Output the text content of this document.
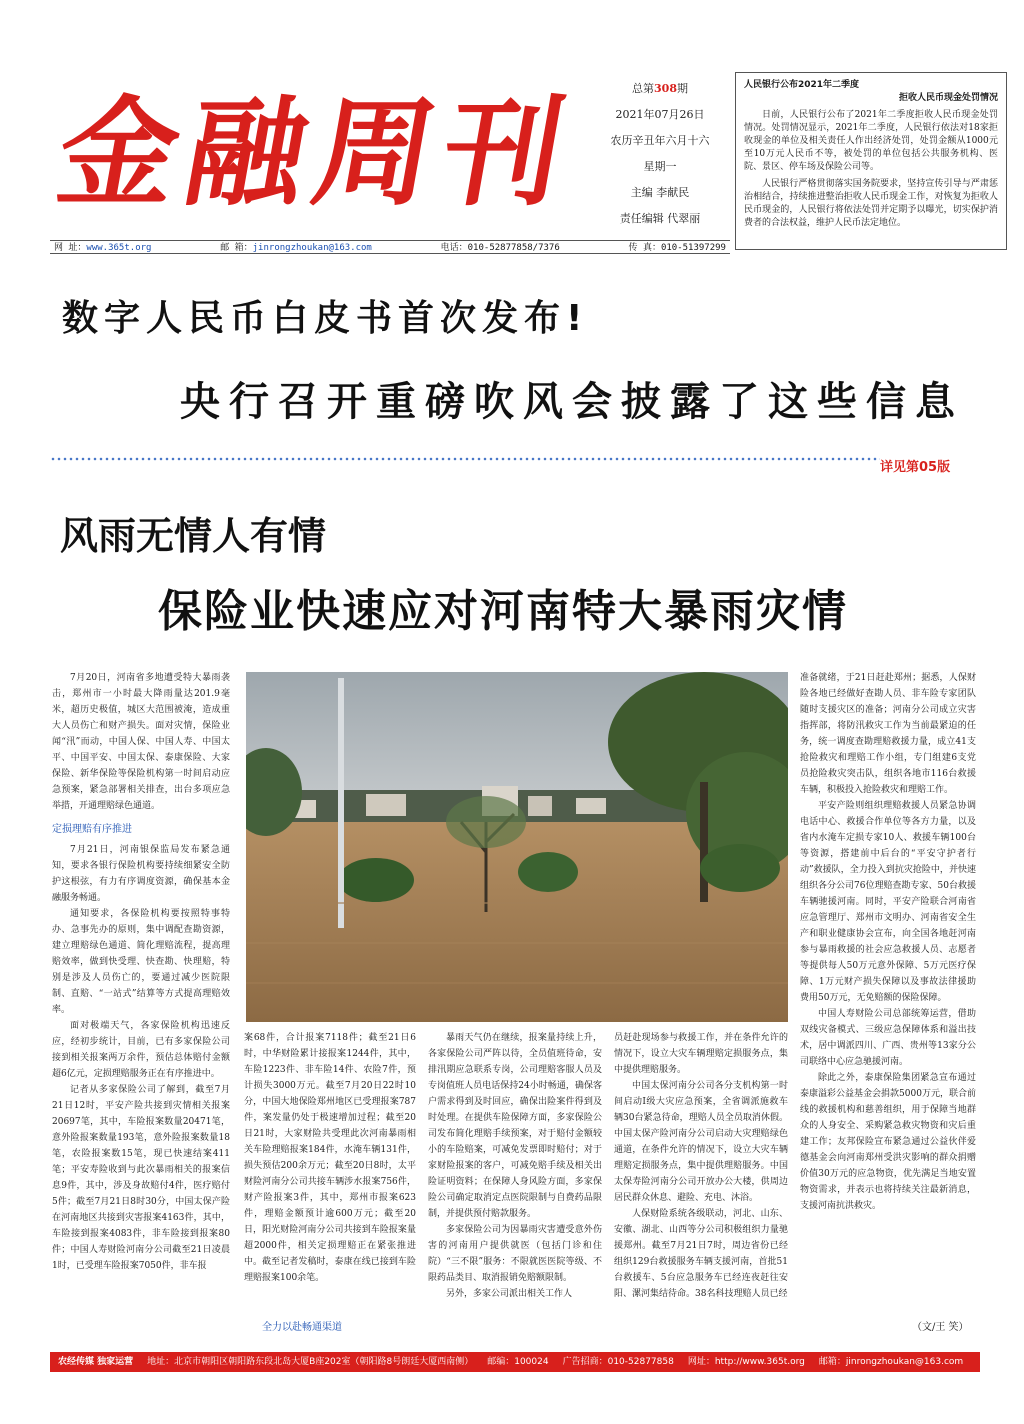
金融周刊	总第308期
2021年07月26日
农历辛丑年六月十六
星期一
主编 李献民
责任编辑 代翠丽
人民银行公布2021年二季度
拒收人民币现金处罚情况

日前，人民银行公布了2021年二季度拒收人民币现金处罚情况。处罚情况显示，2021年二季度，人民银行依法对18家拒收现金的单位及相关责任人作出经济处罚，处罚金额从1000元至10万元人民币不等，被处罚的单位包括公共服务机构、医院、景区、停车场及保险公司等。

人民银行严格贯彻落实国务院要求，坚持宣传引导与严肃惩治相结合，持续推进整治拒收人民币现金工作，对恢复为拒收人民币现金的，人民银行将依法处罚并定期予以曝光，切实保护消费者的合法权益，维护人民币法定地位。

网 址：www.365t.org	邮 箱：jinrongzhoukan@163.com	电话：010-52877858/7376	传 真：010-51397299
数字人民币白皮书首次发布!
央行召开重磅吹风会披露了这些信息
详见第05版
风雨无情人有情
保险业快速应对河南特大暴雨灾情

7月20日，河南省多地遭受特大暴雨袭击，郑州市一小时最大降雨量达201.9毫米，超历史极值，城区大范围被淹，造成重大人员伤亡和财产损失。面对灾情，保险业闻“汛”而动，中国人保、中国人寿、中国太平、中国平安、中国太保、泰康保险、大家保险、新华保险等保险机构第一时间启动应急预案，紧急部署相关排查，出台多项应急举措，开通理赔绿色通道。

定损理赔有序推进

7月21日，河南银保监局发布紧急通知，要求各银行保险机构要持续细紧安全防护这根弦，有力有序调度资源，确保基本金融服务畅通。

通知要求，各保险机构要按照特事特办、急事先办的原则，集中调配查勘资源，建立理赔绿色通道、简化理赔流程，提高理赔效率，做到快受理、快查勘、快理赔，特别是涉及人员伤亡的，要通过减少医院限制、直赔、“一站式”结算等方式提高理赔效率。

面对极端天气，各家保险机构迅速反应，经初步统计，目前，已有多家保险公司接到相关报案两万余件，预估总体赔付金额超6亿元，定损理赔服务正在有序推进中。

记者从多家保险公司了解到，截至7月21日12时，平安产险共接到灾情相关报案20697笔，其中，车险报案数量20471笔，意外险报案数量193笔，意外险报案数量18笔，农险报案数15笔，现已快速结案411笔；平安寿险收到与此次暴雨相关的报案信息9件，其中，涉及身故赔付4件，医疗赔付5件；截至7月21日8时30分，中国太保产险在河南地区共接到灾害报案4163件，其中，车险接到报案4083件，非车险接到报案80件；中国人寿财险河南分公司截至21日凌晨1时，已受理车险报案7050件，非车报

案68件，合计报案7118件；截至21日6时，中华财险累计接报案1244件，其中，车险1223件、非车险14件、农险7件，预计损失3000万元。截至7月20日22时10分，中国大地保险郑州地区已受理报案787件，案发量仍处于极速增加过程；截至20日21时，大家财险共受理此次河南暴雨相关车险理赔报案184件，水淹车辆131件，损失预估200余万元；截至20日8时，太平财险河南分公司共接车辆涉水报案756件，财产险报案3件，其中，郑州市报案623件，理赔金额预计逾600万元；截至20日，阳光财险河南分公司共接到车险报案量超2000件，相关定损理赔正在紧张推进中。截至记者发稿时，泰康在线已接到车险理赔报案100余笔。

全力以赴畅通渠道

暴雨天气仍在继续，报案量持续上升，各家保险公司严阵以待，全员值班待命，安排汛期应急联系专岗，公司理赔客服人员及专岗值班人员电话保持24小时畅通，确保客户需求得到及时回应，确保出险案件得到及时处理。在提供车险保障方面，多家保险公司发布简化理赔手续预案，对于赔付金额较小的车险赔案，可减免发票即时赔付；对于家财险报案的客户，可减免赔手续及相关出险证明资料；在保障人身风险方面，多家保险公司确定取消定点医院限制与自费药品限制，并提供预付赔款服务。

多家保险公司为因暴雨灾害遭受意外伤害的河南用户提供就医（包括门诊和住院）“三不限”服务：不限就医医院等级、不限药品类目、取消报销免赔额限制。

另外，多家公司派出相关工作人

员赶赴现场参与救援工作，并在条件允许的情况下，设立大灾车辆理赔定损服务点，集中提供理赔服务。

中国太保河南分公司各分支机构第一时间启动Ⅰ级大灾应急预案，全省调派施救车辆30台紧急待命，理赔人员全员取消休假。中国太保产险河南分公司启动大灾理赔绿色通道，在条件允许的情况下，设立大灾车辆理赔定损服务点，集中提供理赔服务。中国太保寿险河南分公司开放办公大楼，供周边居民群众休息、避险、充电、沐浴。

人保财险系统各级联动，河北、山东、安徽、湖北、山西等分公司积极组织力量驰援郑州。截至7月21日7时，周边省份已经组织129台救援服务车辆支援河南，首批51台救援车、5台应急服务车已经连夜赶往安阳、漯河集结待命。38名科技理赔人员已经

准备就绪，于21日赶赴郑州；据悉，人保财险各地已经做好查勘人员、非车险专家团队随时支援灾区的准备；河南分公司成立灾害指挥部，将防汛救灾工作为当前最紧迫的任务，统一调度查勘理赔救援力量，成立41支抢险救灾和理赔工作小组，专门组建6支党员抢险救灾突击队，组织各地市116台救援车辆，积极投入抢险救灾和理赔工作。

平安产险则组织理赔救援人员紧急协调电话中心、救援合作单位等各方力量，以及省内水淹车定损专家10人、救援车辆100台等资源，搭建前中后台的“平安守护者行动”救援队，全力投入到抗灾抢险中，并快速组织各分公司76位理赔查勘专家、50台救援车辆驰援河南。同时，平安产险联合河南省应急管理厅、郑州市文明办、河南省安全生产和职业健康协会宣布，向全国各地赶河南参与暴雨救援的社会应急救援人员、志愿者等提供每人50万元意外保障、5万元医疗保障、1万元财产损失保障以及事故法律援助费用50万元，无免赔额的保险保障。

中国人寿财险公司总部统筹运营，借助双线灾备模式、三级应急保障体系和溢出技术，居中调派四川、广西、贵州等13家分公司联络中心应急驰援河南。

除此之外，泰康保险集团紧急宣布通过泰康溢彩公益基金会捐款5000万元，联合前线的救援机构和慈善组织，用于保障当地群众的人身安全、采购紧急救灾物资和灾后重建工作；友邦保险宣布紧急通过公益伙伴爱德基金会向河南郑州受洪灾影响的群众捐赠价值30万元的应急物资，优先满足当地安置物资需求，并表示也将持续关注最新消息，支援河南抗洪救灾。

（文/王 笑）
农经传媒 独家运营 地址：北京市朝阳区朝阳路东段北岛大厦B座202室（朝阳路8号朗廷大厦西南侧） 邮编：100024 广告招商：010-52877858 网址：http://www.365t.org 邮箱：jinrongzhoukan@163.com
